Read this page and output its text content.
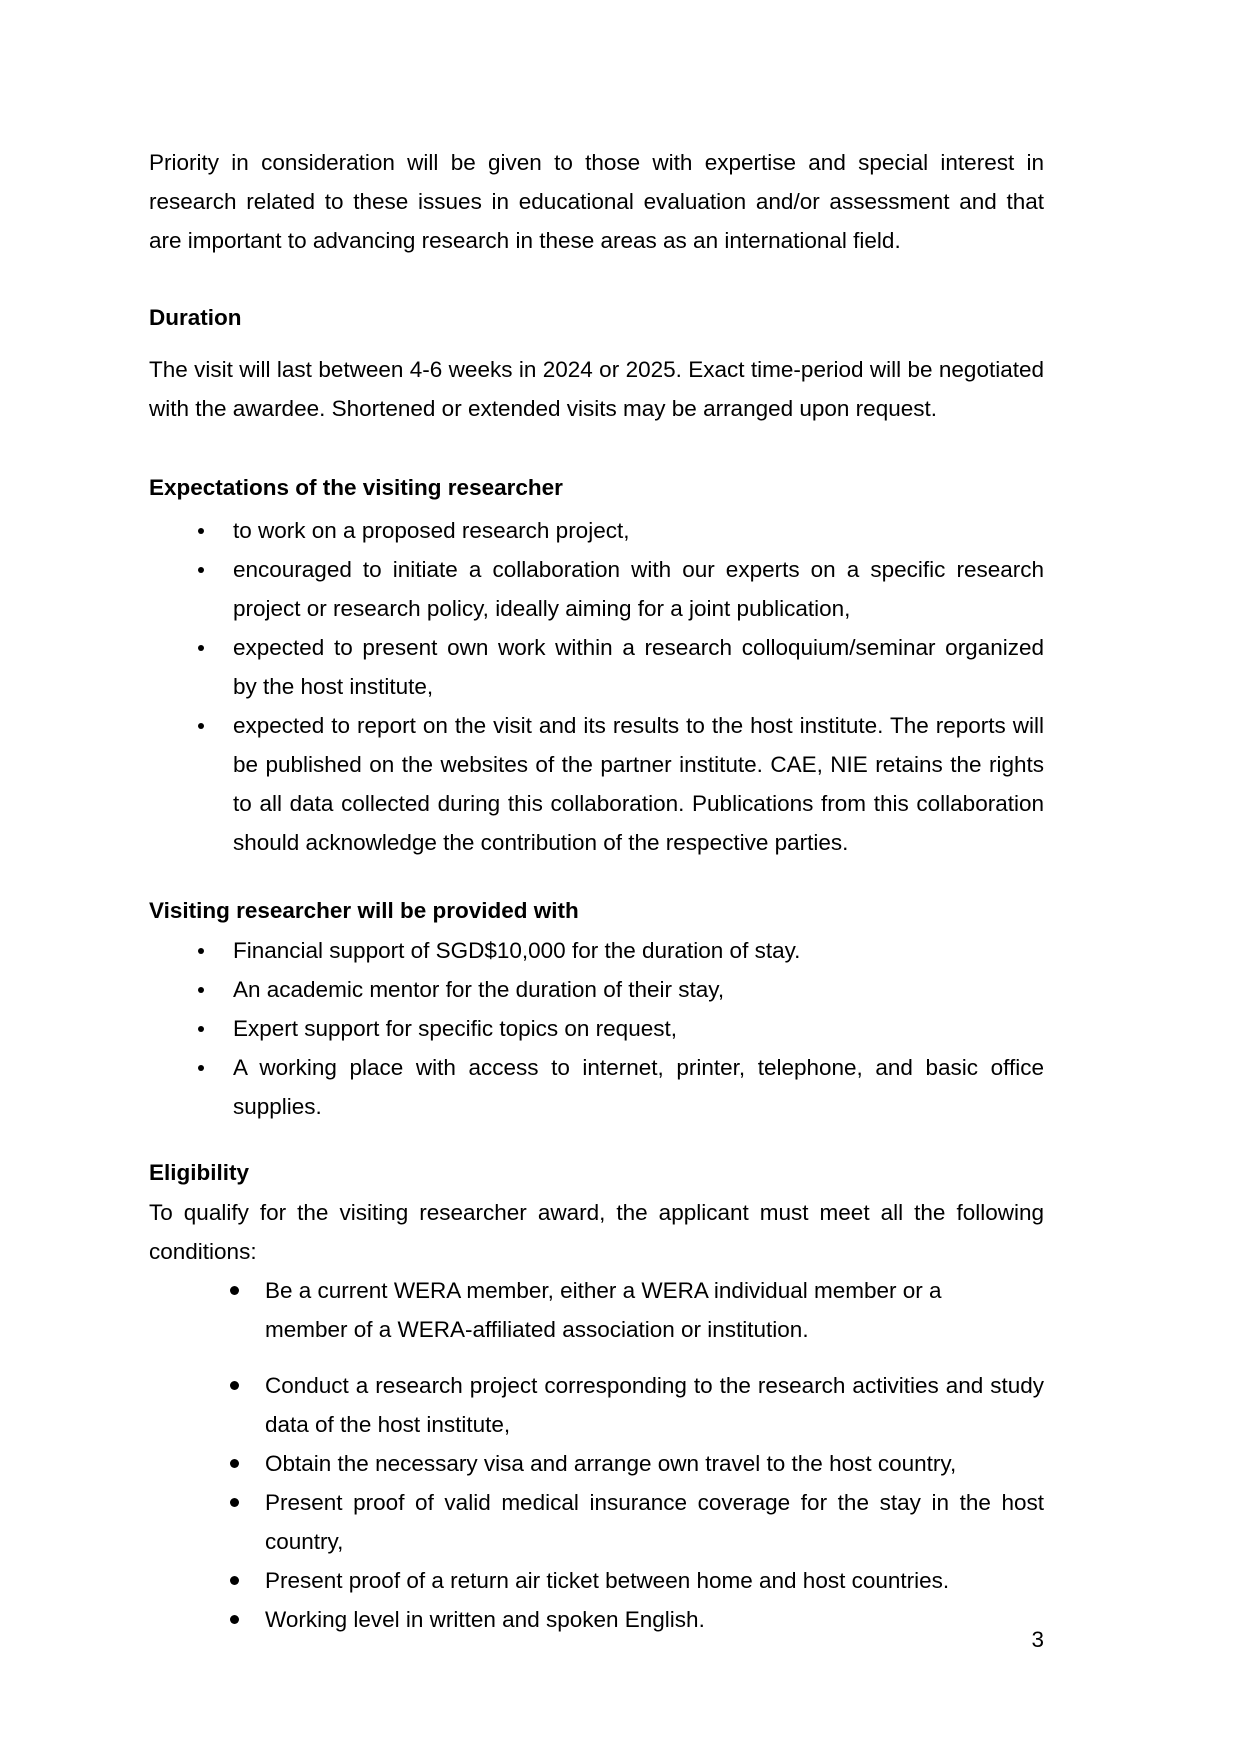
Priority in consideration will be given to those with expertise and special interest in
research related to these issues in educational evaluation and/or assessment and that
are important to advancing research in these areas as an international field.
Duration
The visit will last between 4-6 weeks in 2024 or 2025. Exact time-period will be negotiated
with the awardee. Shortened or extended visits may be arranged upon request.
Expectations of the visiting researcher
to work on a proposed research project,
encouraged to initiate a collaboration with our experts on a specific research
project or research policy, ideally aiming for a joint publication,
expected to present own work within a research colloquium/seminar organized
by the host institute,
expected to report on the visit and its results to the host institute. The reports will
be published on the websites of the partner institute. CAE, NIE retains the rights
to all data collected during this collaboration. Publications from this collaboration
should acknowledge the contribution of the respective parties.
Visiting researcher will be provided with
Financial support of SGD$10,000 for the duration of stay.
An academic mentor for the duration of their stay,
Expert support for specific topics on request,
A working place with access to internet, printer, telephone, and basic office
supplies.
Eligibility
To qualify for the visiting researcher award, the applicant must meet all the following
conditions:
Be a current WERA member, either a WERA individual member or a
member of a WERA-affiliated association or institution.
Conduct a research project corresponding to the research activities and study
data of the host institute,
Obtain the necessary visa and arrange own travel to the host country,
Present proof of valid medical insurance coverage for the stay in the host
country,
Present proof of a return air ticket between home and host countries.
Working level in written and spoken English.
3
